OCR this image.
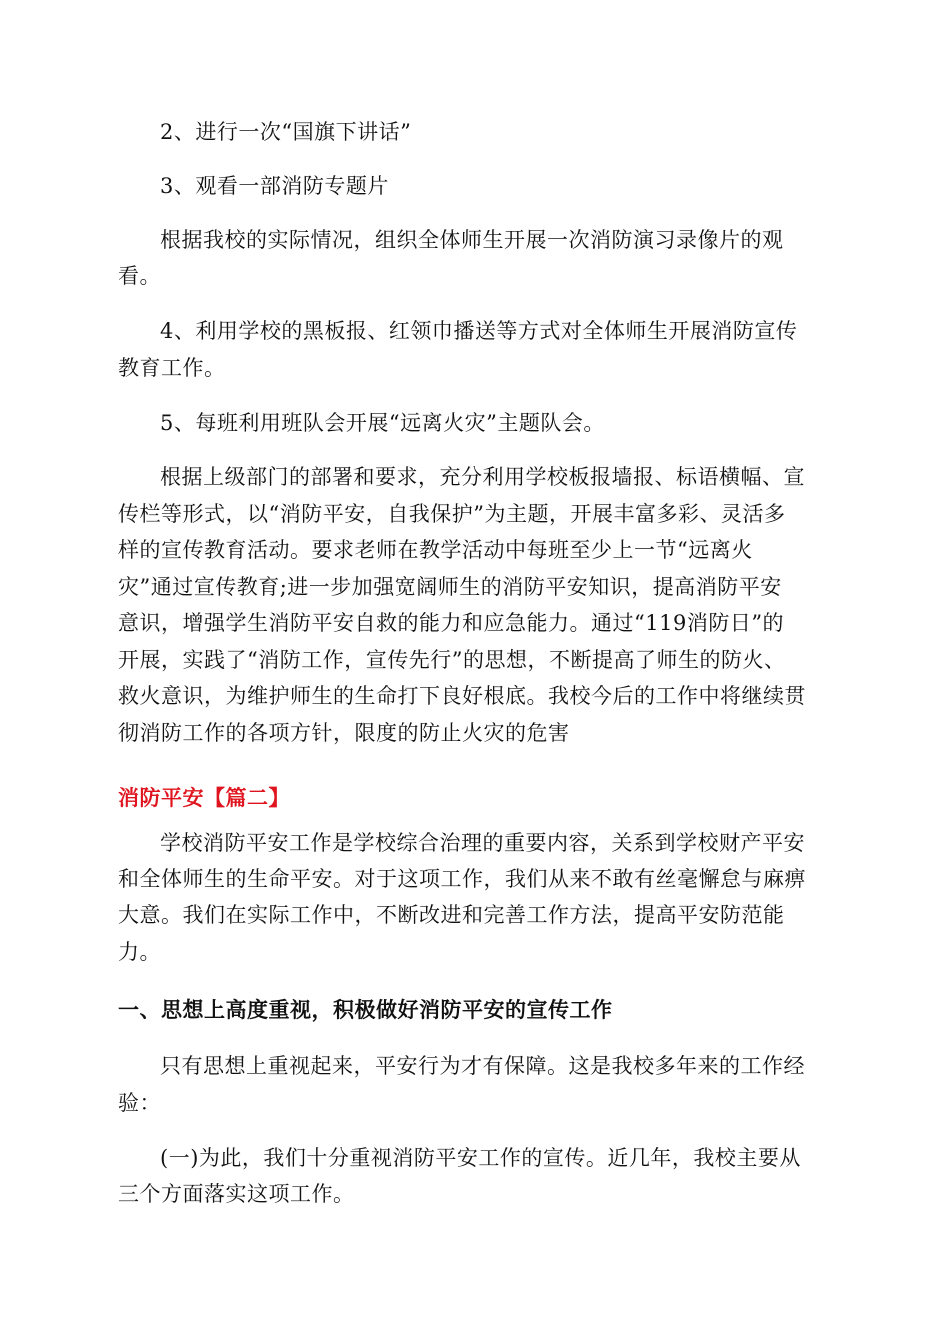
2、进行一次“国旗下讲话”
3、观看一部消防专题片
根据我校的实际情况，组织全体师生开展一次消防演习录像片的观
看。
4、利用学校的黑板报、红领巾播送等方式对全体师生开展消防宣传
教育工作。
5、每班利用班队会开展“远离火灾”主题队会。
根据上级部门的部署和要求，充分利用学校板报墙报、标语横幅、宣
传栏等形式，以“消防平安，自我保护”为主题，开展丰富多彩、灵活多
样的宣传教育活动。要求老师在教学活动中每班至少上一节“远离火
灾”通过宣传教育;进一步加强宽阔师生的消防平安知识，提高消防平安
意识，增强学生消防平安自救的能力和应急能力。通过“119消防日”的
开展，实践了“消防工作，宣传先行”的思想，不断提高了师生的防火、
救火意识，为维护师生的生命打下良好根底。我校今后的工作中将继续贯
彻消防工作的各项方针，限度的防止火灾的危害
消防平安【篇二】
学校消防平安工作是学校综合治理的重要内容，关系到学校财产平安
和全体师生的生命平安。对于这项工作，我们从来不敢有丝毫懈怠与麻痹
大意。我们在实际工作中，不断改进和完善工作方法，提高平安防范能
力。
一、思想上高度重视，积极做好消防平安的宣传工作
只有思想上重视起来，平安行为才有保障。这是我校多年来的工作经
验：
(一)为此，我们十分重视消防平安工作的宣传。近几年，我校主要从
三个方面落实这项工作。
